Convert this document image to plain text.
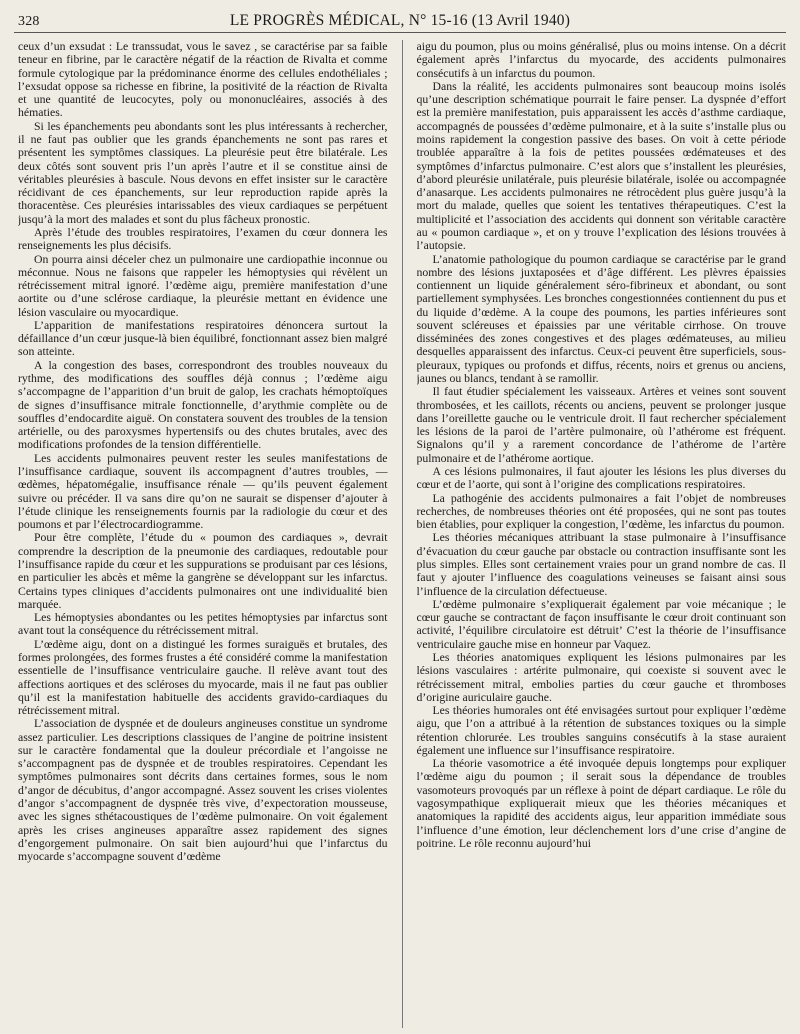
328	LE PROGRÈS MÉDICAL, N° 15-16 (13 Avril 1940)

ceux d’un exsudat : Le transsudat, vous le savez , se caractérise par sa faible teneur en fibrine, par le caractère négatif de la réaction de Rivalta et comme formule cytologique par la prédominance énorme des cellules endothéliales ; l’exsudat oppose sa richesse en fibrine, la positivité de la réaction de Rivalta et une quantité de leucocytes, poly ou mononucléaires, associés à des hématies.

Si les épanchements peu abondants sont les plus intéressants à rechercher, il ne faut pas oublier que les grands épanchements ne sont pas rares et présentent les symptômes classiques. La pleurésie peut être bilatérale. Les deux côtés sont souvent pris l’un après l’autre et il se constitue ainsi de véritables pleurésies à bascule. Nous devons en effet insister sur le caractère récidivant de ces épanchements, sur leur reproduction rapide après la thoracentèse. Ces pleurésies intarissables des vieux cardiaques se perpétuent jusqu’à la mort des malades et sont du plus fâcheux pronostic.

Après l’étude des troubles respiratoires, l’examen du cœur donnera les renseignements les plus décisifs.

On pourra ainsi déceler chez un pulmonaire une cardiopathie inconnue ou méconnue. Nous ne faisons que rappeler les hémoptysies qui révèlent un rétrécissement mitral ignoré. l’œdème aigu, première manifestation d’une aortite ou d’une sclérose cardiaque, la pleurésie mettant en évidence une lésion vasculaire ou myocardique.

L’apparition de manifestations respiratoires dénoncera surtout la défaillance d’un cœur jusque-là bien équilibré, fonctionnant assez bien malgré son atteinte.

A la congestion des bases, correspondront des troubles nouveaux du rythme, des modifications des souffles déjà connus ; l’œdème aigu s’accompagne de l’apparition d’un bruit de galop, les crachats hémoptoïques de signes d’insuffisance mitrale fonctionnelle, d’arythmie complète ou de souffles d’endocardite aiguë. On constatera souvent des troubles de la tension artérielle, ou des paroxysmes hypertensifs ou des chutes brutales, avec des modifications profondes de la tension différentielle.

Les accidents pulmonaires peuvent rester les seules manifestations de l’insuffisance cardiaque, souvent ils accompagnent d’autres troubles, — œdèmes, hépatomégalie, insuffisance rénale — qu’ils peuvent également suivre ou précéder. Il va sans dire qu’on ne saurait se dispenser d’ajouter à l’étude clinique les renseignements fournis par la radiologie du cœur et des poumons et par l’électrocardiogramme.

Pour être complète, l’étude du « poumon des cardiaques », devrait comprendre la description de la pneumonie des cardiaques, redoutable pour l’insuffisance rapide du cœur et les suppurations se produisant par ces lésions, en particulier les abcès et même la gangrène se développant sur les infarctus. Certains types cliniques d’accidents pulmonaires ont une individualité bien marquée.

Les hémoptysies abondantes ou les petites hémoptysies par infarctus sont avant tout la conséquence du rétrécissement mitral.

L’œdème aigu, dont on a distingué les formes suraiguës et brutales, des formes prolongées, des formes frustes a été considéré comme la manifestation essentielle de l’insuffisance ventriculaire gauche. Il relève avant tout des affections aortiques et des scléroses du myocarde, mais il ne faut pas oublier qu’il est la manifestation habituelle des accidents gravido-cardiaques du rétrécissement mitral.

L’association de dyspnée et de douleurs angineuses constitue un syndrome assez particulier. Les descriptions classiques de l’angine de poitrine insistent sur le caractère fondamental que la douleur précordiale et l’angoisse ne s’accompagnent pas de dyspnée et de troubles respiratoires. Cependant les symptômes pulmonaires sont décrits dans certaines formes, sous le nom d’angor de décubitus, d’angor accompagné. Assez souvent les crises violentes d’angor s’accompagnent de dyspnée très vive, d’expectoration mousseuse, avec les signes sthétacoustiques de l’œdème pulmonaire. On voit également après les crises angineuses apparaître assez rapidement des signes d’engorgement pulmonaire. On sait bien aujourd’hui que l’infarctus du myocarde s’accompagne souvent d’œdème

aigu du poumon, plus ou moins généralisé, plus ou moins intense. On a décrit également après l’infarctus du myocarde, des accidents pulmonaires consécutifs à un infarctus du poumon.

Dans la réalité, les accidents pulmonaires sont beaucoup moins isolés qu’une description schématique pourrait le faire penser. La dyspnée d’effort est la première manifestation, puis apparaissent les accès d’asthme cardiaque, accompagnés de poussées d’œdème pulmonaire, et à la suite s’installe plus ou moins rapidement la congestion passive des bases. On voit à cette période troublée apparaître à la fois de petites poussées œdémateuses et des symptômes d’infarctus pulmonaire. C’est alors que s’installent les pleurésies, d’abord pleurésie unilatérale, puis pleurésie bilatérale, isolée ou accompagnée d’anasarque. Les accidents pulmonaires ne rétrocèdent plus guère jusqu’à la mort du malade, quelles que soient les tentatives thérapeutiques. C’est la multiplicité et l’association des accidents qui donnent son véritable caractère au « poumon cardiaque », et on y trouve l’explication des lésions trouvées à l’autopsie.

L’anatomie pathologique du poumon cardiaque se caractérise par le grand nombre des lésions juxtaposées et d’âge différent. Les plèvres épaissies contiennent un liquide généralement séro-fibrineux et abondant, ou sont partiellement symphysées. Les bronches congestionnées contiennent du pus et du liquide d’œdème. A la coupe des poumons, les parties inférieures sont souvent scléreuses et épaissies par une véritable cirrhose. On trouve disséminées des zones congestives et des plages œdémateuses, au milieu desquelles apparaissent des infarctus. Ceux-ci peuvent être superficiels, sous-pleuraux, typiques ou profonds et diffus, récents, noirs et grenus ou anciens, jaunes ou blancs, tendant à se ramollir.

Il faut étudier spécialement les vaisseaux. Artères et veines sont souvent thrombosées, et les caillots, récents ou anciens, peuvent se prolonger jusque dans l’oreillette gauche ou le ventricule droit. Il faut rechercher spécialement les lésions de la paroi de l’artère pulmonaire, où l’athérome est fréquent. Signalons qu’il y a rarement concordance de l’athérome de l’artère pulmonaire et de l’athérome aortique.

A ces lésions pulmonaires, il faut ajouter les lésions les plus diverses du cœur et de l’aorte, qui sont à l’origine des complications respiratoires.

La pathogénie des accidents pulmonaires a fait l’objet de nombreuses recherches, de nombreuses théories ont été proposées, qui ne sont pas toutes bien établies, pour expliquer la congestion, l’œdème, les infarctus du poumon.

Les théories mécaniques attribuant la stase pulmonaire à l’insuffisance d’évacuation du cœur gauche par obstacle ou contraction insuffisante sont les plus simples. Elles sont certainement vraies pour un grand nombre de cas. Il faut y ajouter l’influence des coagulations veineuses se faisant ainsi sous l’influence de la circulation défectueuse.

L’œdème pulmonaire s’expliquerait également par voie mécanique ; le cœur gauche se contractant de façon insuffisante le cœur droit continuant son activité, l’équilibre circulatoire est détruit’ C’est la théorie de l’insuffisance ventriculaire gauche mise en honneur par Vaquez.

Les théories anatomiques expliquent les lésions pulmonaires par les lésions vasculaires : artérite pulmonaire, qui coexiste si souvent avec le rétrécissement mitral, embolies parties du cœur gauche et thromboses d’origine auriculaire gauche.

Les théories humorales ont été envisagées surtout pour expliquer l’œdème aigu, que l’on a attribué à la rétention de substances toxiques ou la simple rétention chlorurée. Les troubles sanguins consécutifs à la stase auraient également une influence sur l’insuffisance respiratoire.

La théorie vasomotrice a été invoquée depuis longtemps pour expliquer l’œdème aigu du poumon ; il serait sous la dépendance de troubles vasomoteurs provoqués par un réflexe à point de départ cardiaque. Le rôle du vagosympathique expliquerait mieux que les théories mécaniques et anatomiques la rapidité des accidents aigus, leur apparition immédiate sous l’influence d’une émotion, leur déclenchement lors d’une crise d’angine de poitrine. Le rôle reconnu aujourd’hui
